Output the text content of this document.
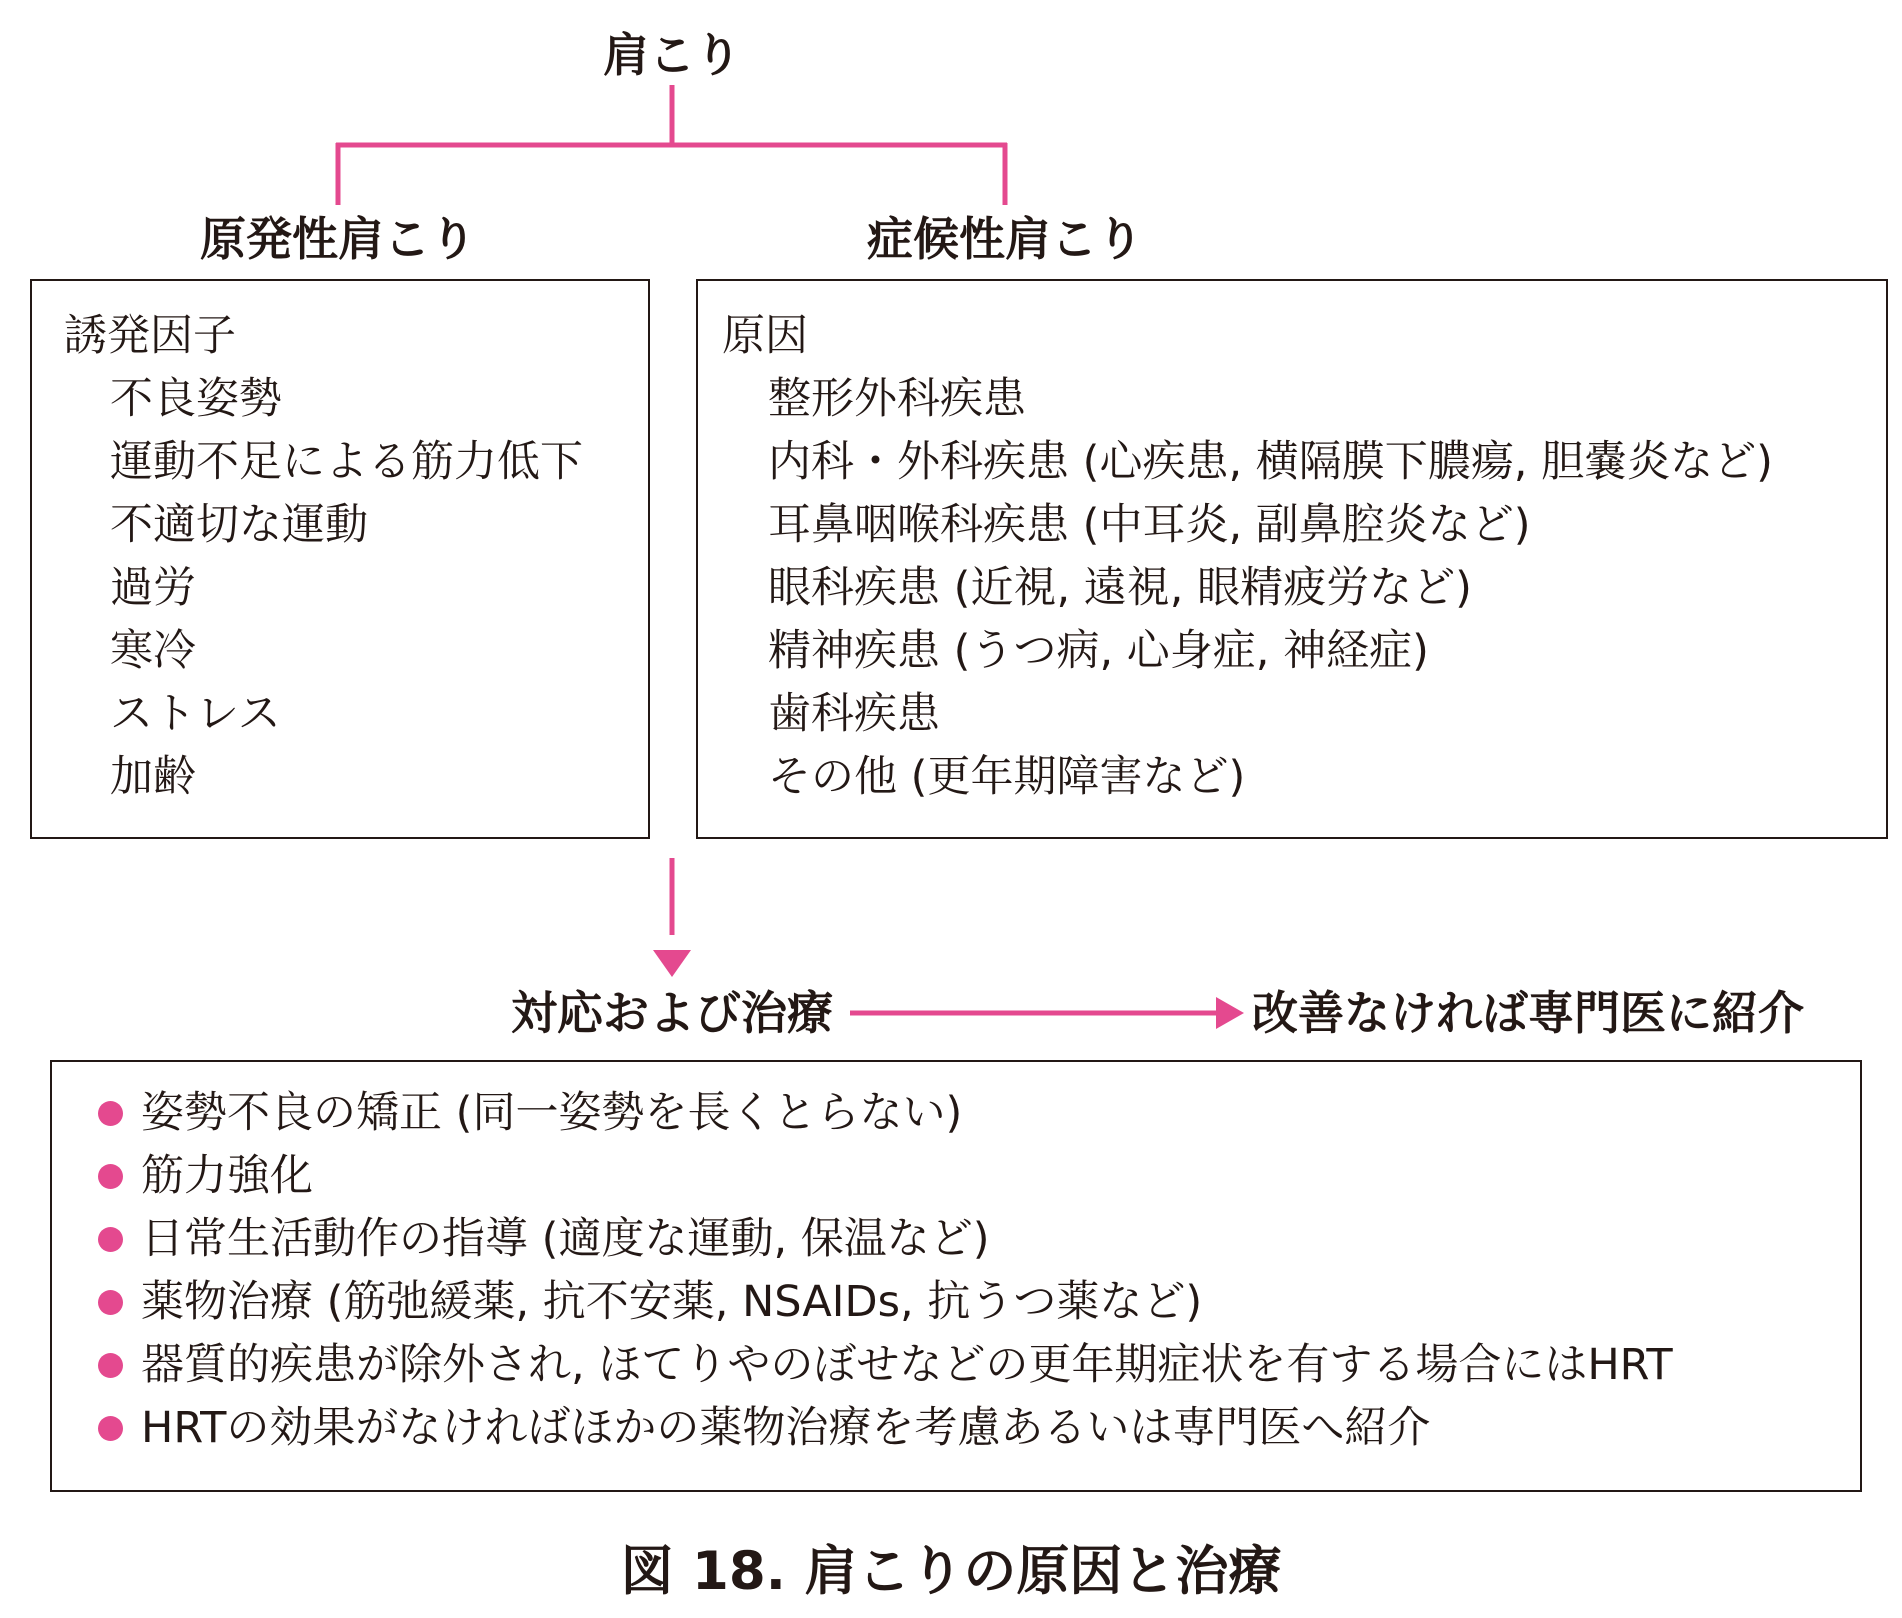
肩こり
原発性肩こり	症候性肩こり
誘発因子
不良姿勢
運動不足による筋力低下
不適切な運動
過労
寒冷
ストレス
加齢
原因
整形外科疾患
内科・外科疾患 (心疾患, 横隔膜下膿瘍, 胆嚢炎など)
耳鼻咽喉科疾患 (中耳炎, 副鼻腔炎など)
眼科疾患 (近視, 遠視, 眼精疲労など)
精神疾患 (うつ病, 心身症, 神経症)
歯科疾患
その他 (更年期障害など)
対応および治療	改善なければ専門医に紹介
姿勢不良の矯正 (同一姿勢を長くとらない)
筋力強化
日常生活動作の指導 (適度な運動, 保温など)
薬物治療 (筋弛緩薬, 抗不安薬, NSAIDs, 抗うつ薬など)
器質的疾患が除外され, ほてりやのぼせなどの更年期症状を有する場合にはHRT
HRTの効果がなければほかの薬物治療を考慮あるいは専門医へ紹介
図 18. 肩こりの原因と治療
